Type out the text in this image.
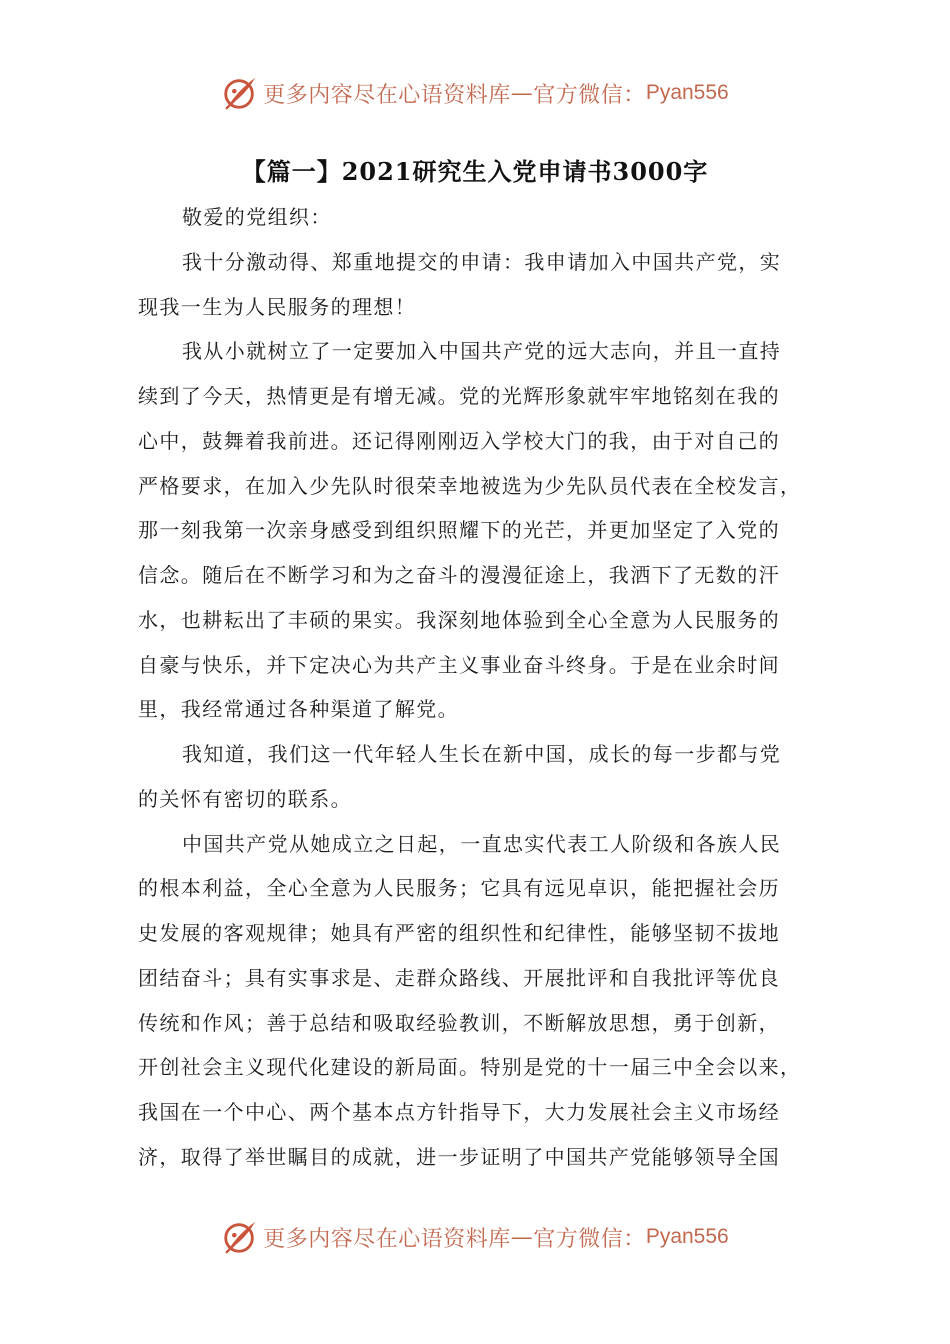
更多内容尽在心语资料库 — 官方微信： Pyan556
【篇一】2021研究生入党申请书3000字
敬爱的党组织：
我十分激动得、郑重地提交的申请：我申请加入中国共产党，实
现我一生为人民服务的理想！
我从小就树立了一定要加入中国共产党的远大志向，并且一直持
续到了今天，热情更是有增无减。党的光辉形象就牢牢地铭刻在我的
心中，鼓舞着我前进。还记得刚刚迈入学校大门的我，由于对自己的
严格要求，在加入少先队时很荣幸地被选为少先队员代表在全校发言，
那一刻我第一次亲身感受到组织照耀下的光芒，并更加坚定了入党的
信念。随后在不断学习和为之奋斗的漫漫征途上，我洒下了无数的汗
水，也耕耘出了丰硕的果实。我深刻地体验到全心全意为人民服务的
自豪与快乐，并下定决心为共产主义事业奋斗终身。于是在业余时间
里，我经常通过各种渠道了解党。
我知道，我们这一代年轻人生长在新中国，成长的每一步都与党
的关怀有密切的联系。
中国共产党从她成立之日起，一直忠实代表工人阶级和各族人民
的根本利益，全心全意为人民服务；它具有远见卓识，能把握社会历
史发展的客观规律；她具有严密的组织性和纪律性，能够坚韧不拔地
团结奋斗；具有实事求是、走群众路线、开展批评和自我批评等优良
传统和作风；善于总结和吸取经验教训，不断解放思想，勇于创新，
开创社会主义现代化建设的新局面。特别是党的十一届三中全会以来，
我国在一个中心、两个基本点方针指导下，大力发展社会主义市场经
济，取得了举世瞩目的成就，进一步证明了中国共产党能够领导全国
更多内容尽在心语资料库 — 官方微信： Pyan556
